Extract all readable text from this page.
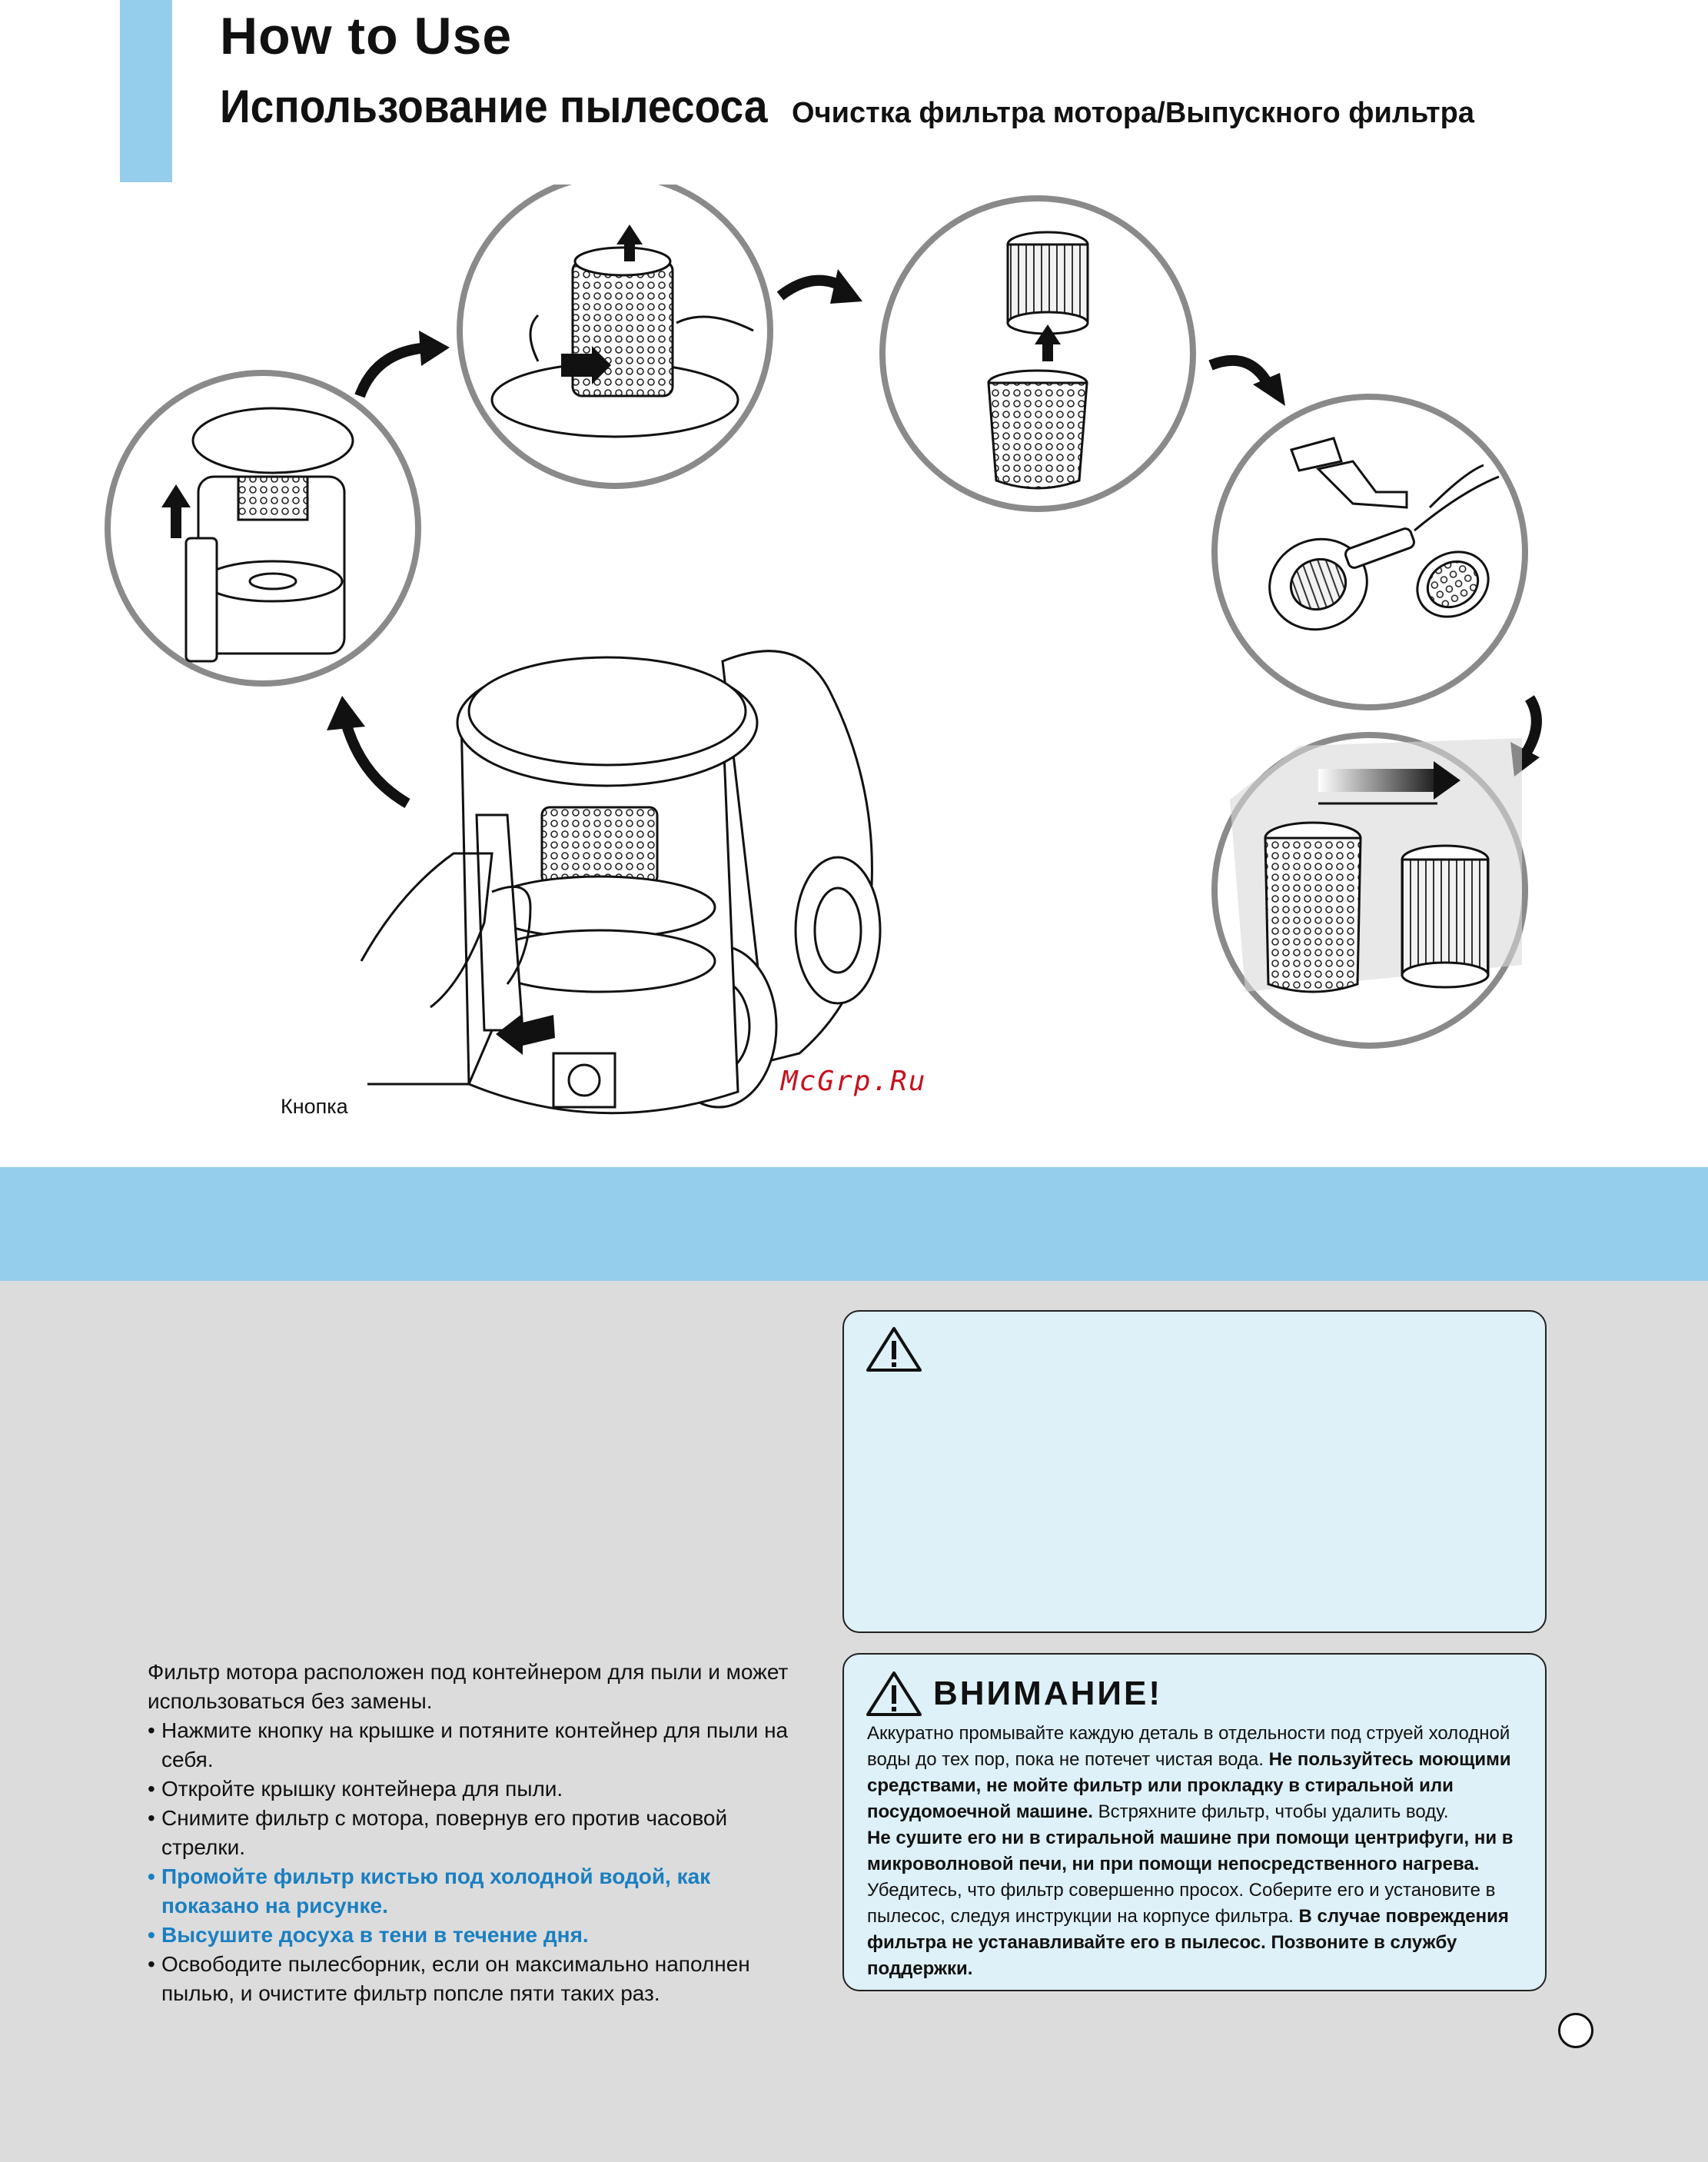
How to Use
Использование пылесоса Очистка фильтра мотора/Выпускного фильтра
Кнопка
McGrp.Ru
ВНИМАНИЕ!
Аккуратно промывайте каждую деталь в отдельности под струей холодной воды до тех пор, пока не потечет чистая вода. Не пользуйтесь моющими средствами, не мойте фильтр или прокладку в стиральной или посудомоечной машине. Встряхните фильтр, чтобы удалить воду.
Не сушите его ни в стиральной машине при помощи центрифуги, ни в микроволновой печи, ни при помощи непосредственного нагрева.
Убедитесь, что фильтр совершенно просох. Соберите его и установите в пылесос, следуя инструкции на корпусе фильтра. В случае повреждения фильтра не устанавливайте его в пылесос. Позвоните в службу поддержки.

Фильтр мотора расположен под контейнером для пыли и может использоваться без замены.

• Нажмите кнопку на крышке и потяните контейнер для пыли на себя.
• Откройте крышку контейнера для пыли.
• Снимите фильтр с мотора, повернув его против часовой стрелки.
• Промойте фильтр кистью под холодной водой, как показано на рисунке.
• Высушите досуха в тени в течение дня.
• Освободите пылесборник, если он максимально наполнен пылью, и очистите фильтр попсле пяти таких раз.
